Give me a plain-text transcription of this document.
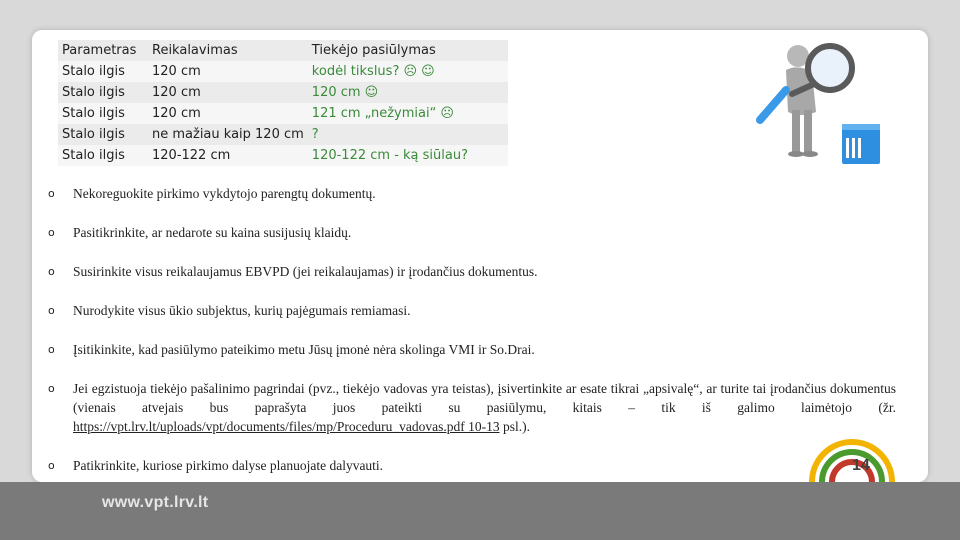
www.vpt.lrv.lt
Parametras	Reikalavimas	Tiekėjo pasiūlymas
Stalo ilgis	120 cm	kodėl tikslus? ☹ ☺
Stalo ilgis	120 cm	120 cm ☺
Stalo ilgis	120 cm	121 cm „nežymiai“ ☹
Stalo ilgis	ne mažiau kaip 120 cm	?
Stalo ilgis	120-122 cm	120-122 cm - ką siūlau?
o Nekoreguokite pirkimo vykdytojo parengtų dokumentų.
o Pasitikrinkite, ar nedarote su kaina susijusių klaidų.
o Susirinkite visus reikalaujamus EBVPD (jei reikalaujamas) ir įrodančius dokumentus.
o Nurodykite visus ūkio subjektus, kurių pajėgumais remiamasi.
o Įsitikinkite, kad pasiūlymo pateikimo metu Jūsų įmonė nėra skolinga VMI ir So.Drai.
o Jei egzistuoja tiekėjo pašalinimo pagrindai (pvz., tiekėjo vadovas yra teistas), įsivertinkite ar esate tikrai „apsivalę“, ar turite tai įrodančius dokumentus (vienais atvejais bus paprašyta juos pateikti su pasiūlymu, kitais – tik iš galimo laimėtojo (žr. https://vpt.lrv.lt/uploads/vpt/documents/files/mp/Proceduru_vadovas.pdf 10-13 psl.).
o Patikrinkite, kuriose pirkimo dalyse planuojate dalyvauti.	14
